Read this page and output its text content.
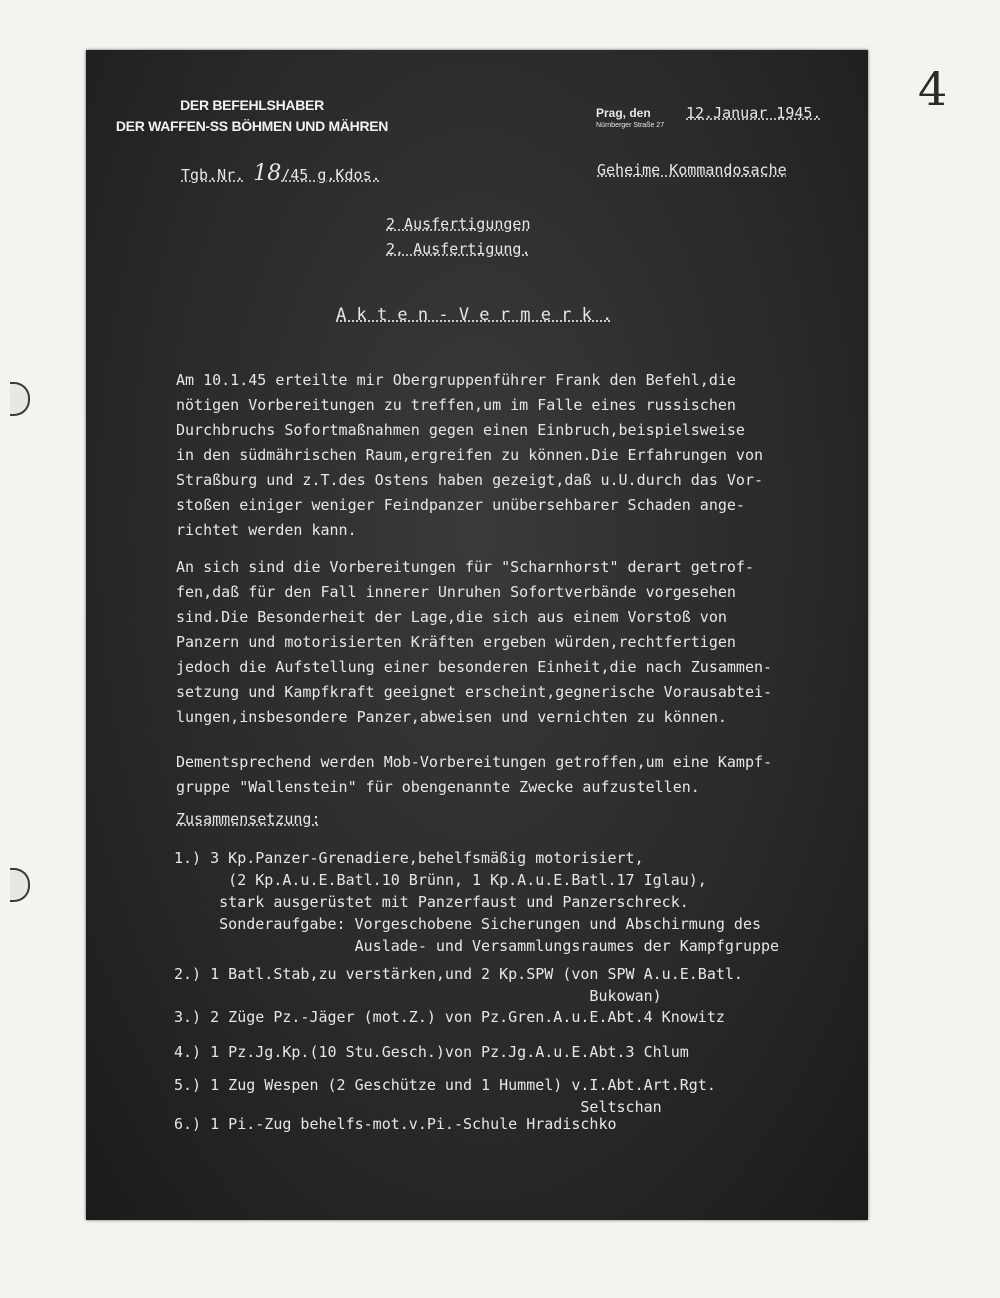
4
DER BEFEHLSHABER
DER WAFFEN-SS BÖHMEN UND MÄHREN
Prag, den	12.Januar 1945.
Nürnberger Straße 27
Tgb.Nr. 18/45 g.Kdos.	Geheime Kommandosache
2 Ausfertigungen
2. Ausfertigung.
A k t e n - V e r m e r k .
Am 10.1.45 erteilte mir Obergruppenführer Frank den Befehl,die
nötigen Vorbereitungen zu treffen,um im Falle eines russischen
Durchbruchs Sofortmaßnahmen gegen einen Einbruch,beispielsweise
in den südmährischen Raum,ergreifen zu können.Die Erfahrungen von
Straßburg und z.T.des Ostens haben gezeigt,daß u.U.durch das Vor-
stoßen einiger weniger Feindpanzer unübersehbarer Schaden ange-
richtet werden kann.
An sich sind die Vorbereitungen für "Scharnhorst" derart getrof-
fen,daß für den Fall innerer Unruhen Sofortverbände vorgesehen
sind.Die Besonderheit der Lage,die sich aus einem Vorstoß von
Panzern und motorisierten Kräften ergeben würden,rechtfertigen
jedoch die Aufstellung einer besonderen Einheit,die nach Zusammen-
setzung und Kampfkraft geeignet erscheint,gegnerische Vorausabtei-
lungen,insbesondere Panzer,abweisen und vernichten zu können.
Dementsprechend werden Mob-Vorbereitungen getroffen,um eine Kampf-
gruppe "Wallenstein" für obengenannte Zwecke aufzustellen.
Zusammensetzung:
1.) 3 Kp.Panzer-Grenadiere,behelfsmäßig motorisiert,
(2 Kp.A.u.E.Batl.10 Brünn, 1 Kp.A.u.E.Batl.17 Iglau),
stark ausgerüstet mit Panzerfaust und Panzerschreck.
Sonderaufgabe: Vorgeschobene Sicherungen und Abschirmung des
Auslade- und Versammlungsraumes der Kampfgruppe
2.) 1 Batl.Stab,zu verstärken,und 2 Kp.SPW (von SPW A.u.E.Batl.
Bukowan)
3.) 2 Züge Pz.-Jäger (mot.Z.) von Pz.Gren.A.u.E.Abt.4 Knowitz
4.) 1 Pz.Jg.Kp.(10 Stu.Gesch.)von Pz.Jg.A.u.E.Abt.3 Chlum
5.) 1 Zug Wespen (2 Geschütze und 1 Hummel) v.I.Abt.Art.Rgt.
Seltschan
6.) 1 Pi.-Zug behelfs-mot.v.Pi.-Schule Hradischko
